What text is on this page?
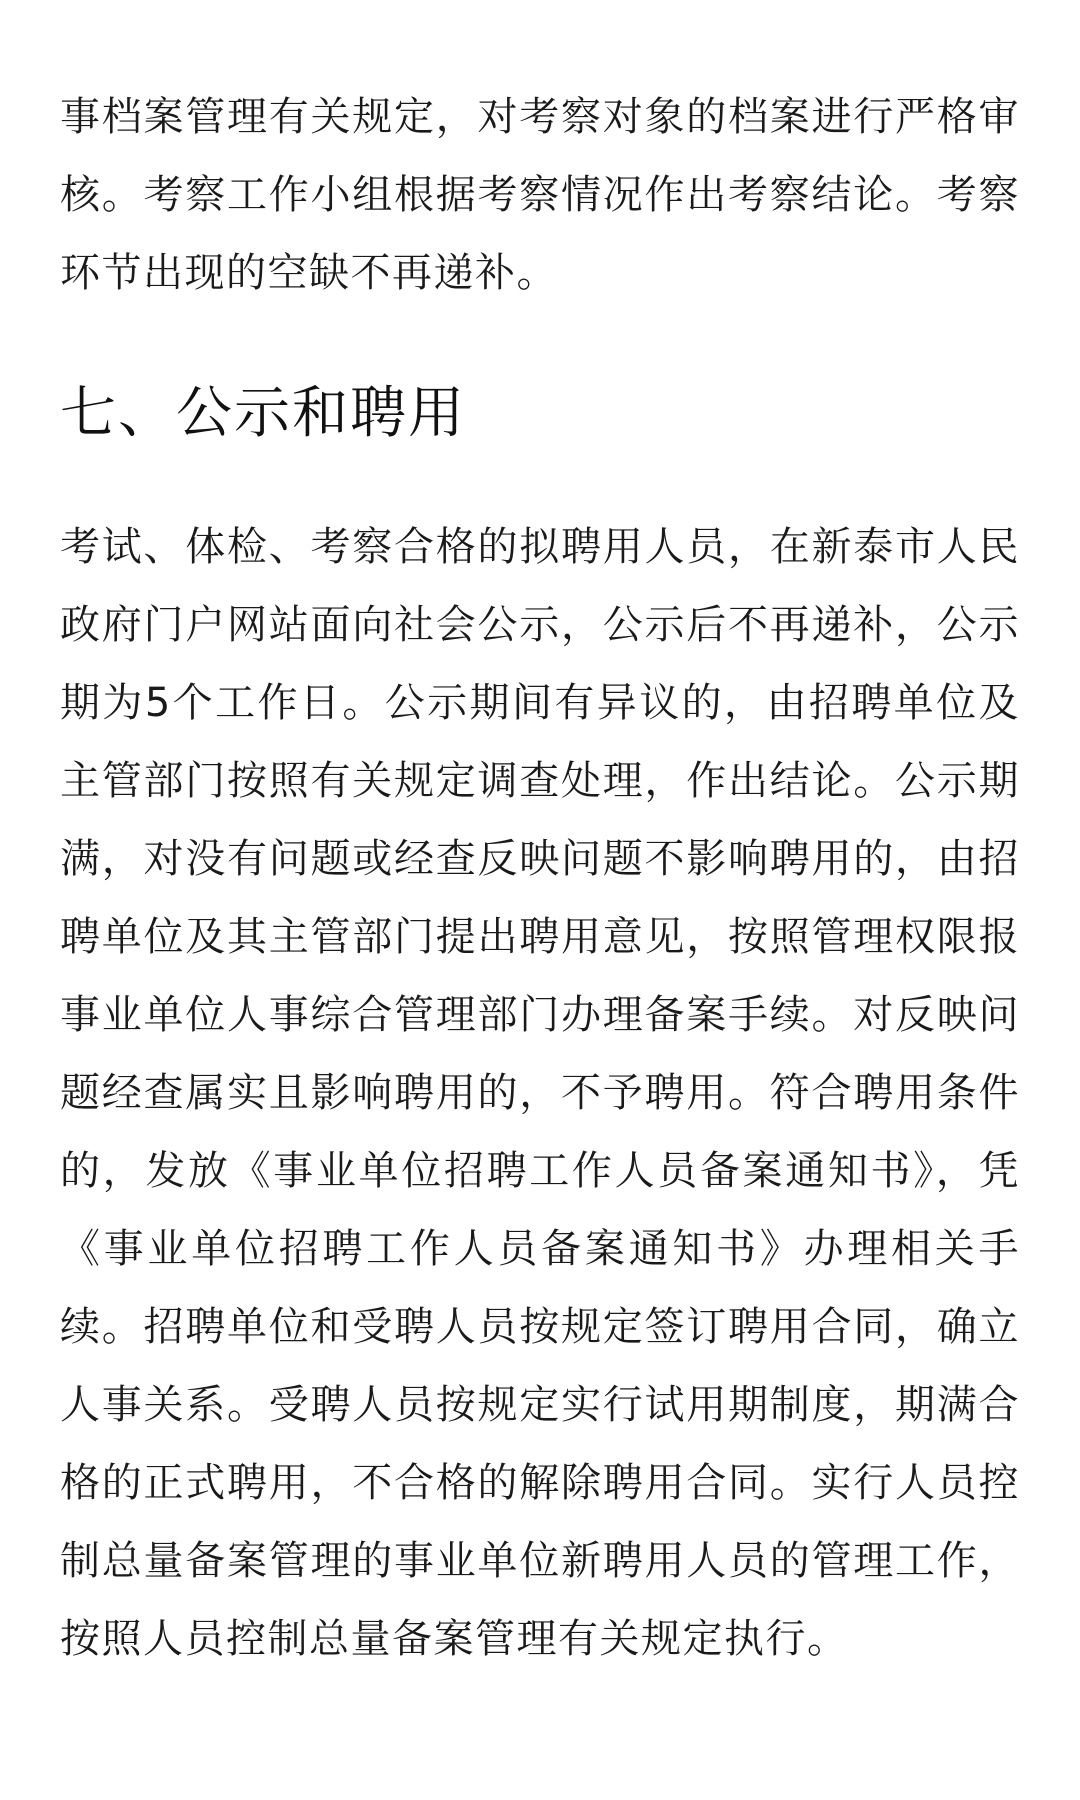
事档案管理有关规定，对考察对象的档案进行严格审核。考察工作小组根据考察情况作出考察结论。考察环节出现的空缺不再递补。

七、公示和聘用

考试、体检、考察合格的拟聘用人员，在新泰市人民政府门户网站面向社会公示，公示后不再递补，公示期为5个工作日。公示期间有异议的，由招聘单位及主管部门按照有关规定调查处理，作出结论。公示期满，对没有问题或经查反映问题不影响聘用的，由招聘单位及其主管部门提出聘用意见，按照管理权限报事业单位人事综合管理部门办理备案手续。对反映问题经查属实且影响聘用的，不予聘用。符合聘用条件的，发放《事业单位招聘工作人员备案通知书》，凭《事业单位招聘工作人员备案通知书》办理相关手续。招聘单位和受聘人员按规定签订聘用合同，确立人事关系。受聘人员按规定实行试用期制度，期满合格的正式聘用，不合格的解除聘用合同。实行人员控制总量备案管理的事业单位新聘用人员的管理工作，按照人员控制总量备案管理有关规定执行。
